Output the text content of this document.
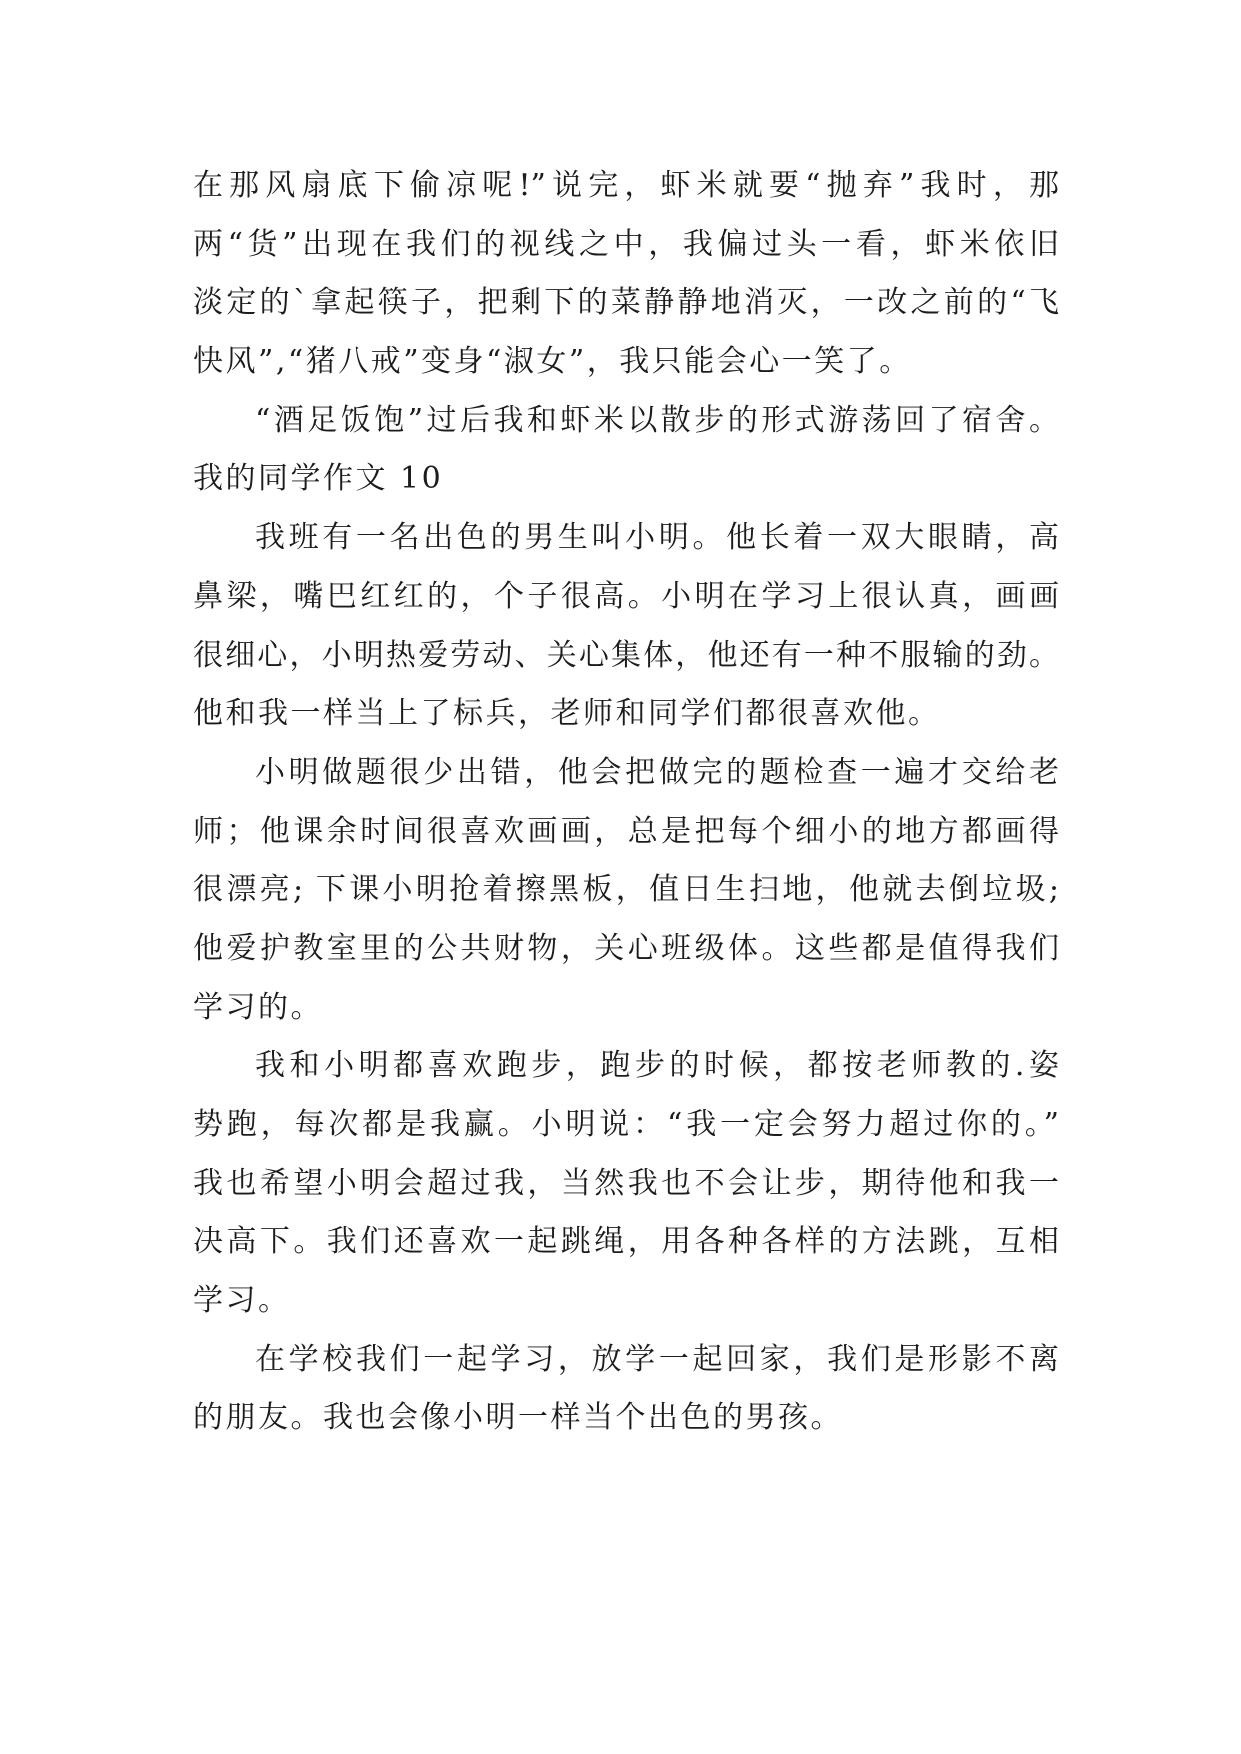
在那风扇底下偷凉呢!”说完，虾米就要“抛弃”我时，那
两“货”出现在我们的视线之中，我偏过头一看，虾米依旧
淡定的`拿起筷子，把剩下的菜静静地消灭，一改之前的“飞
快风”,“猪八戒”变身“淑女”，我只能会心一笑了。
“酒足饭饱”过后我和虾米以散步的形式游荡回了宿舍。
我的同学作文 10
我班有一名出色的男生叫小明。他长着一双大眼睛，高
鼻梁，嘴巴红红的，个子很高。小明在学习上很认真，画画
很细心，小明热爱劳动、关心集体，他还有一种不服输的劲。
他和我一样当上了标兵，老师和同学们都很喜欢他。
小明做题很少出错，他会把做完的题检查一遍才交给老
师；他课余时间很喜欢画画，总是把每个细小的地方都画得
很漂亮; 下课小明抢着擦黑板，值日生扫地，他就去倒垃圾;
他爱护教室里的公共财物，关心班级体。这些都是值得我们
学习的。
我和小明都喜欢跑步，跑步的时候，都按老师教的.姿
势跑，每次都是我赢。小明说：“我一定会努力超过你的。”
我也希望小明会超过我，当然我也不会让步，期待他和我一
决高下。我们还喜欢一起跳绳，用各种各样的方法跳，互相
学习。
在学校我们一起学习，放学一起回家，我们是形影不离
的朋友。我也会像小明一样当个出色的男孩。
